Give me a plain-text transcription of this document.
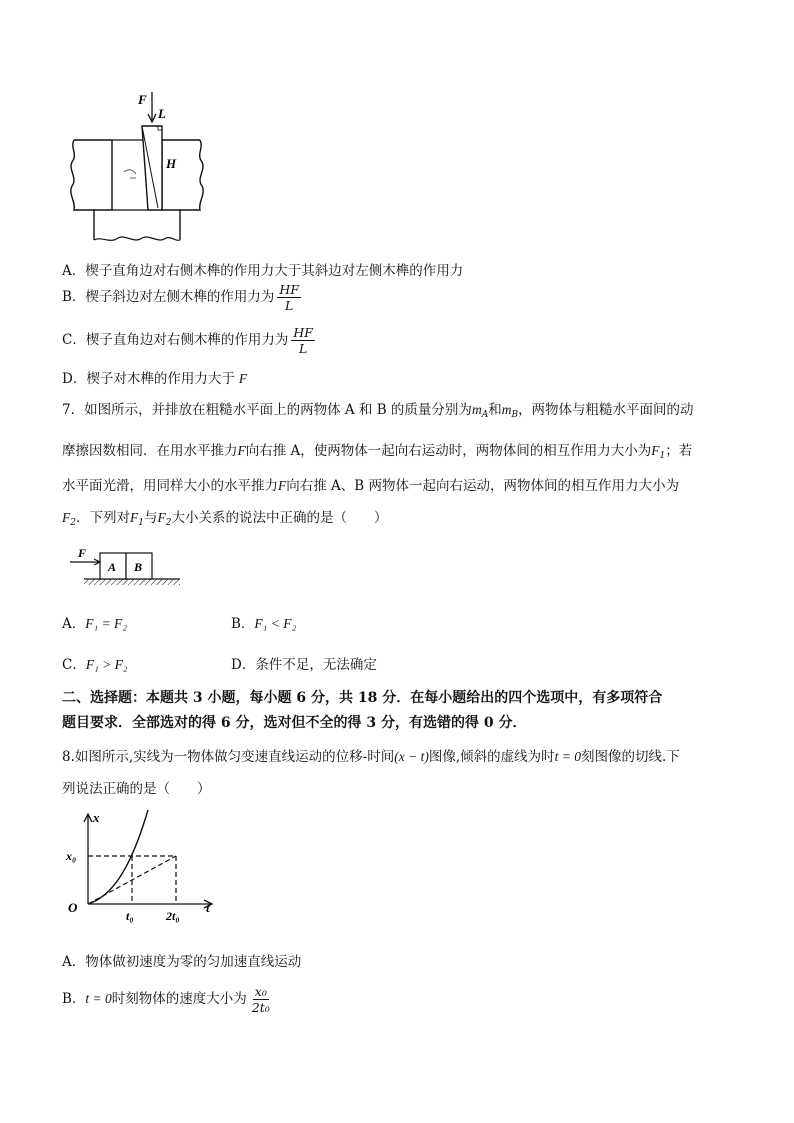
F
L
H
A．楔子直角边对右侧木榫的作用力大于其斜边对左侧木榫的作用力
B．楔子斜边对左侧木榫的作用力为 $\frac{HF}{L}$
C．楔子直角边对右侧木榫的作用力为 $\frac{HF}{L}$
D．楔子对木榫的作用力大于 F
7．如图所示，并排放在粗糙水平面上的两物体 A 和 B 的质量分别为$m_A$和$m_B$，两物体与粗糙水平面间的动
摩擦因数相同．在用水平推力F向右推 A，使两物体一起向右运动时，两物体间的相互作用力大小为$F_1$；若
水平面光滑，用同样大小的水平推力F向右推 A、B 两物体一起向右运动，两物体间的相互作用力大小为
$F_2$．下列对$F_1$与$F_2$大小关系的说法中正确的是（　　）
F
A B
A．F₁ = F₂	B．F₁ < F₂
C．F₁ > F₂	D．条件不足，无法确定
二、选择题：本题共 3 小题，每小题 6 分，共 18 分．在每小题给出的四个选项中，有多项符合
题目要求．全部选对的得 6 分，选对但不全的得 3 分，有选错的得 0 分．
8.如图所示,实线为一物体做匀变速直线运动的位移-时间(x − t)图像,倾斜的虚线为时t = 0刻图像的切线.下
列说法正确的是（　　）
t
x
O
x₀
t₀	2t₀
A．物体做初速度为零的匀加速直线运动
B．t = 0时刻物体的速度大小为 $\frac{\text{x₀}}{\text{2t₀}}$
